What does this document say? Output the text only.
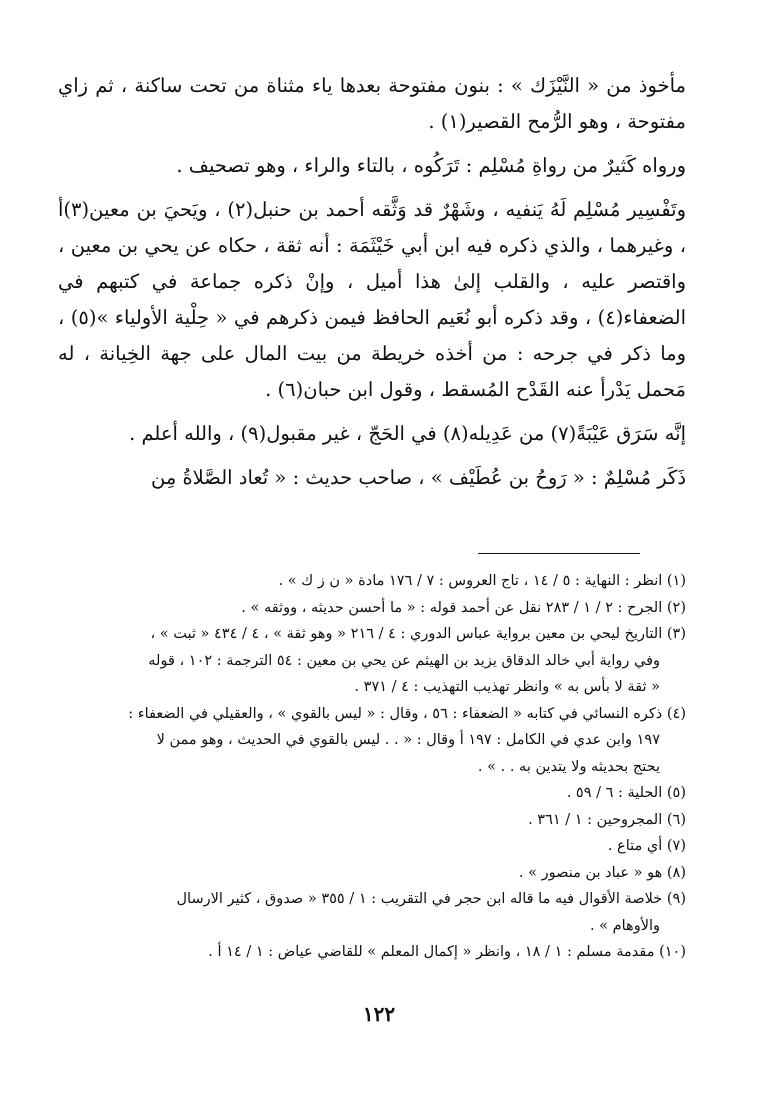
مأخوذ من « النَّيْزَك » : بنون مفتوحة بعدها ياء مثناة من تحت ساكنة ، ثم زاي مفتوحة ، وهو الرُّمح القصير(١) .

ورواه كَثيرٌ من رواةِ مُسْلِم : تَرَكُوه ، بالتاء والراء ، وهو تصحيف .

وتَفْسِير مُسْلِم لَهُ يَنفيه ، وشَهْرٌ قد وَثَّقه أحمد بن حنبل(٢) ، ويَحيَ بن معين(٣)أ ، وغيرهما ، والذي ذكره فيه ابن أبي خَيْثَمَة : أنه ثقة ، حكاه عن يحي بن معين ، واقتصر عليه ، والقلب إلىٰ هذا أميل ، وإنْ ذكره جماعة في كتبهم في الضعفاء(٤) ، وقد ذكره أبو نُعَيم الحافظ فيمن ذكرهم في « حِلْية الأولياء »(٥) ، وما ذكر في جرحه : من أخذه خريطة من بيت المال على جهة الخِيانة ، له مَحمل يَدْرأ عنه القَدْح المُسقط ، وقول ابن حبان(٦) .

إنَّه سَرَق عَيْبَةً(٧) من عَدِيله(٨) في الحَجّ ، غير مقبول(٩) ، والله أعلم .

ذَكَر مُسْلِمٌ : « رَوحُ بن عُطَيْف » ، صاحب حديث : « تُعاد الصَّلاةُ مِن

(١) انظر : النهاية : ٥ / ١٤ ، تاج العروس : ٧ / ١٧٦ مادة « ن ز ك » .

(٢) الجرح : ٢ / ١ / ٢٨٣ نقل عن أحمد قوله : « ما أحسن حديثه ، ووثقه » .

(٣) التاريخ ليحي بن معين برواية عباس الدوري : ٤ / ٢١٦ « وهو ثقة » ، ٤ / ٤٣٤ « ثبت » ،

وفي رواية أبي خالد الدقاق يزيد بن الهيثم عن يحي بن معين : ٥٤ الترجمة : ١٠٢ ، قوله

« ثقة لا بأس به » وانظر تهذيب التهذيب : ٤ / ٣٧١ .

(٤) ذكره النسائي في كتابه « الضعفاء : ٥٦ ، وقال : « ليس بالقوي » ، والعقيلي في الضعفاء :

١٩٧ وابن عدي في الكامل : ١٩٧ أ وقال : « . . ليس بالقوي في الحديث ، وهو ممن لا

يحتج بحديثه ولا يتدين به . . » .

(٥) الحلية : ٦ / ٥٩ .

(٦) المجروحين : ١ / ٣٦١ .

(٧) أي متاع .

(٨) هو « عباد بن منصور » .

(٩) خلاصة الأقوال فيه ما قاله ابن حجر في التقريب : ١ / ٣٥٥ « صدوق ، كثير الارسال

والأوهام » .

(١٠) مقدمة مسلم : ١ / ١٨ ، وانظر « إكمال المعلم » للقاضي عياض : ١ / ١٤ أ .

١٢٢
